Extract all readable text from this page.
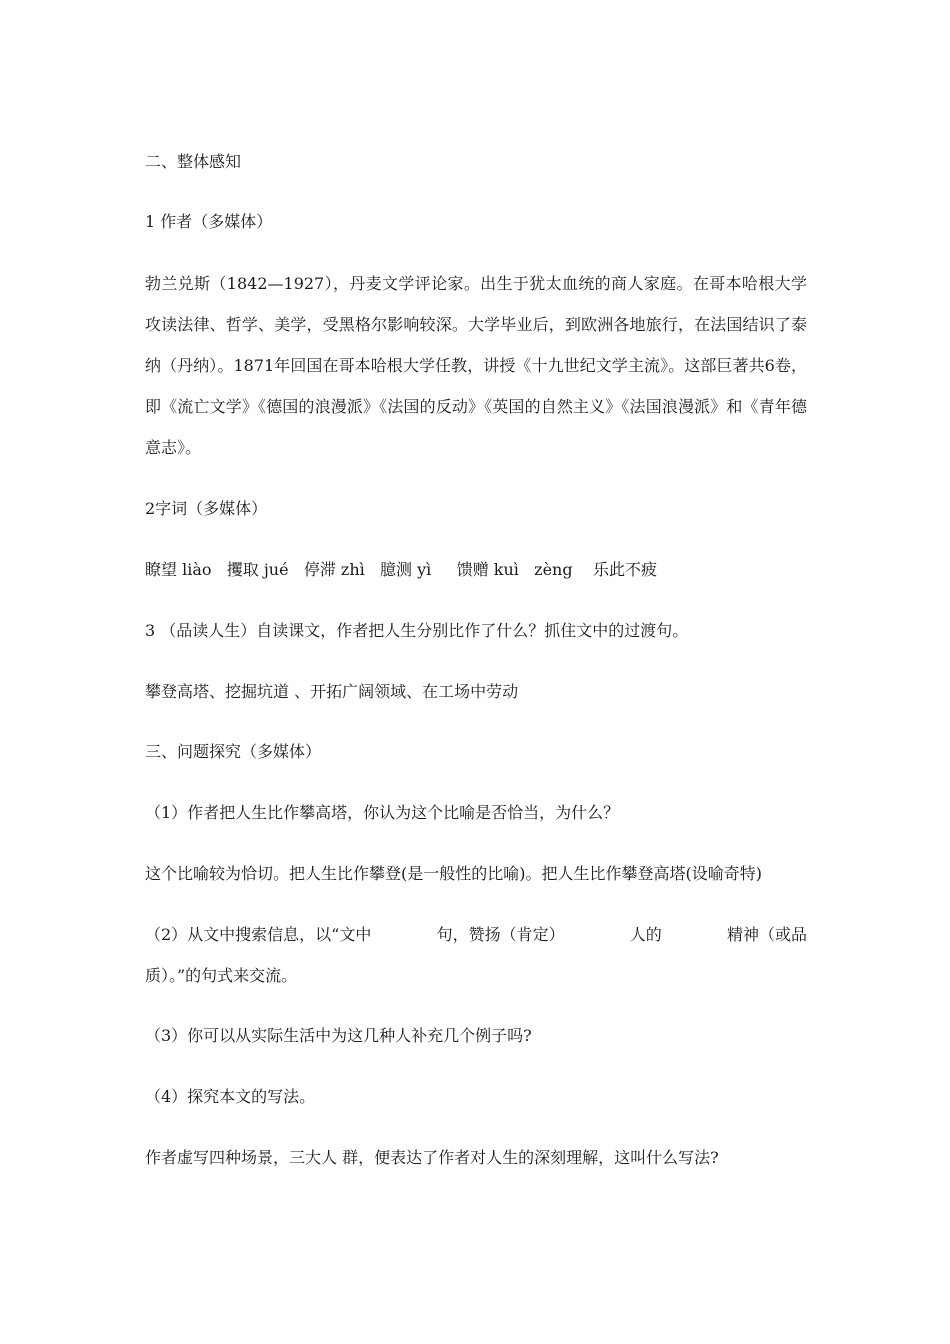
二、整体感知

1 作者（多媒体）

勃兰兑斯（1842—1927），丹麦文学评论家。出生于犹太血统的商人家庭。在哥本哈根大学攻读法律、哲学、美学，受黑格尔影响较深。大学毕业后，到欧洲各地旅行，在法国结识了泰纳（丹纳）。1871年回国在哥本哈根大学任教，讲授《十九世纪文学主流》。这部巨著共6卷，即《流亡文学》《德国的浪漫派》《法国的反动》《英国的自然主义》《法国浪漫派》和《青年德意志》。

2字词（多媒体）

瞭望 liào   攫取 jué   停滞 zhì   臆测 yì     馈赠 kuì   zèng    乐此不疲

3 （品读人生）自读课文，作者把人生分别比作了什么？抓住文中的过渡句。

攀登高塔、挖掘坑道 、开拓广阔领域、在工场中劳动

三、问题探究（多媒体）

（1）作者把人生比作攀高塔，你认为这个比喻是否恰当，为什么？

这个比喻较为恰切。把人生比作攀登(是一般性的比喻)。把人生比作攀登高塔(设喻奇特)

（2）从文中搜索信息，以“文中	句，赞扬（肯定）	人的	精神（或品
质）。”的句式来交流。

（3）你可以从实际生活中为这几种人补充几个例子吗?

（4）探究本文的写法。

作者虚写四种场景，三大人 群，便表达了作者对人生的深刻理解，这叫什么写法?
